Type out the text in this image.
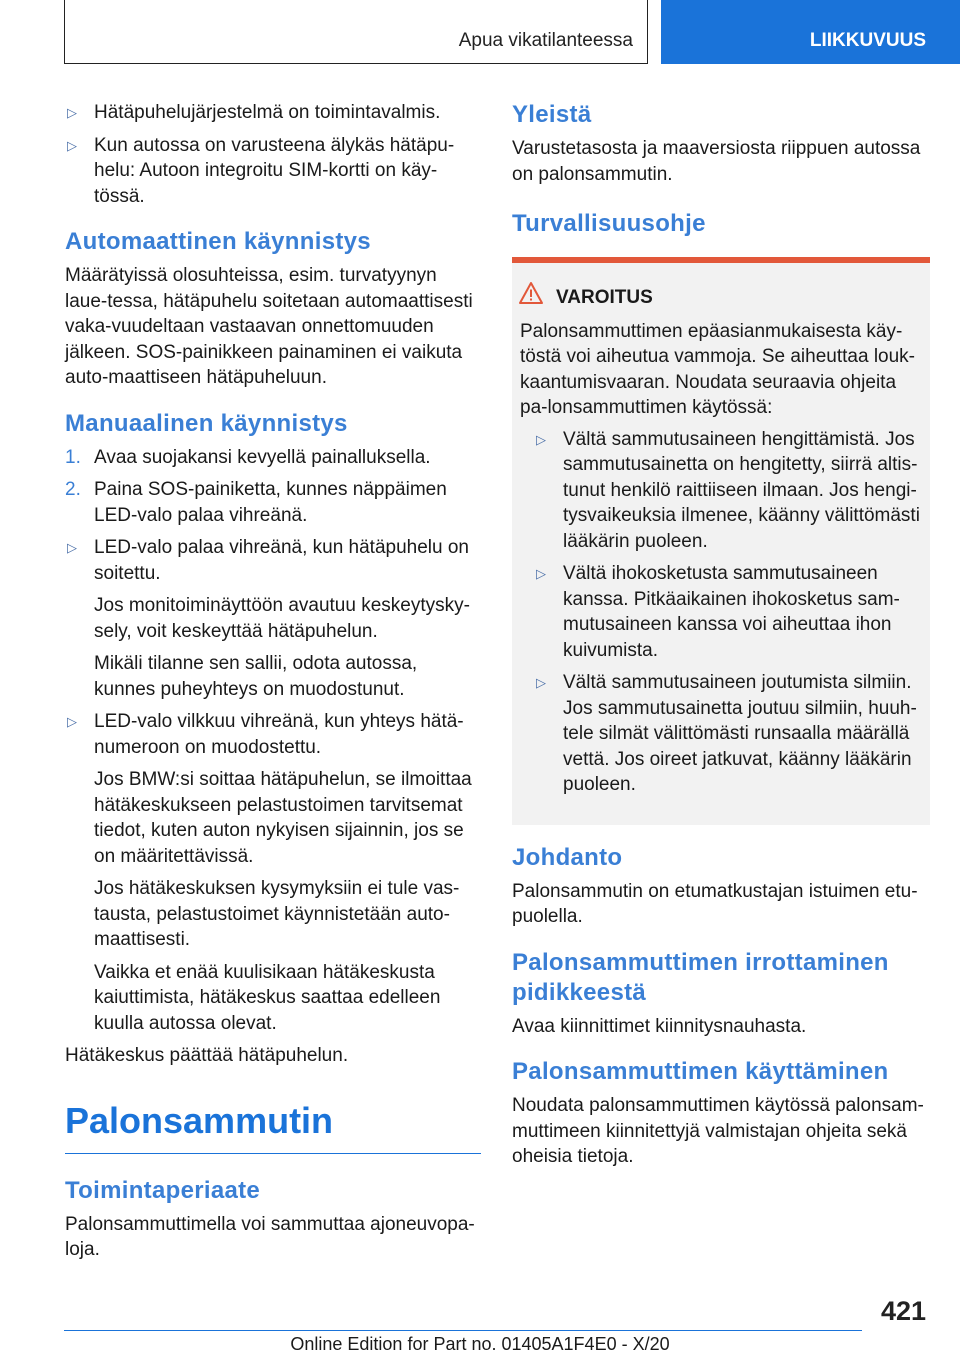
Apua vikatilanteessa	LIIKKUVUUS
▷ Hätäpuhelujärjestelmä on toimintavalmis.
▷ Kun autossa on varusteena älykäs hätäpu-helu: Autoon integroitu SIM-kortti on käy-tössä.
Automaattinen käynnistys

Määrätyissä olosuhteissa, esim. turvatyynyn laue-tessa, hätäpuhelu soitetaan automaattisesti vaka-vuudeltaan vastaavan onnettomuuden jälkeen. SOS-painikkeen painaminen ei vaikuta auto-maattiseen hätäpuheluun.

Manuaalinen käynnistys
1. Avaa suojakansi kevyellä painalluksella.
2. Paina SOS-painiketta, kunnes näppäimen LED-valo palaa vihreänä.
▷ LED-valo palaa vihreänä, kun hätäpuhelu on soitettu.
Jos monitoiminäyttöön avautuu keskeytysky-sely, voit keskeyttää hätäpuhelun.
Mikäli tilanne sen sallii, odota autossa, kunnes puheyhteys on muodostunut.
▷ LED-valo vilkkuu vihreänä, kun yhteys hätä-numeroon on muodostettu.
Jos BMW:si soittaa hätäpuhelun, se ilmoittaa hätäkeskukseen pelastustoimen tarvitsemat tiedot, kuten auton nykyisen sijainnin, jos se on määritettävissä.
Jos hätäkeskuksen kysymyksiin ei tule vas-tausta, pelastustoimet käynnistetään auto-maattisesti.
Vaikka et enää kuulisikaan hätäkeskusta kaiuttimista, hätäkeskus saattaa edelleen kuulla autossa olevat.

Hätäkeskus päättää hätäpuhelun.

Palonsammutin
Toimintaperiaate

Palonsammuttimella voi sammuttaa ajoneuvopa-loja.

Yleistä

Varustetasosta ja maaversiosta riippuen autossa on palonsammutin.

Turvallisuusohje
VAROITUS

Palonsammuttimen epäasianmukaisesta käy-töstä voi aiheutua vammoja. Se aiheuttaa louk-kaantumisvaaran. Noudata seuraavia ohjeita pa-lonsammuttimen käytössä:

▷ Vältä sammutusaineen hengittämistä. Jos sammutusainetta on hengitetty, siirrä altis-tunut henkilö raittiiseen ilmaan. Jos hengi-tysvaikeuksia ilmenee, käänny välittömästi lääkärin puoleen.
▷ Vältä ihokosketusta sammutusaineen kanssa. Pitkäaikainen ihokosketus sam-mutusaineen kanssa voi aiheuttaa ihon kuivumista.
▷ Vältä sammutusaineen joutumista silmiin. Jos sammutusainetta joutuu silmiin, huuh-tele silmät välittömästi runsaalla määrällä vettä. Jos oireet jatkuvat, käänny lääkärin puoleen.
Johdanto

Palonsammutin on etumatkustajan istuimen etu-puolella.

Palonsammuttimen irrottaminen pidikkeestä

Avaa kiinnittimet kiinnitysnauhasta.

Palonsammuttimen käyttäminen

Noudata palonsammuttimen käytössä palonsam-muttimeen kiinnitettyjä valmistajan ohjeita sekä oheisia tietoja.

421
Online Edition for Part no. 01405A1F4E0 - X/20
